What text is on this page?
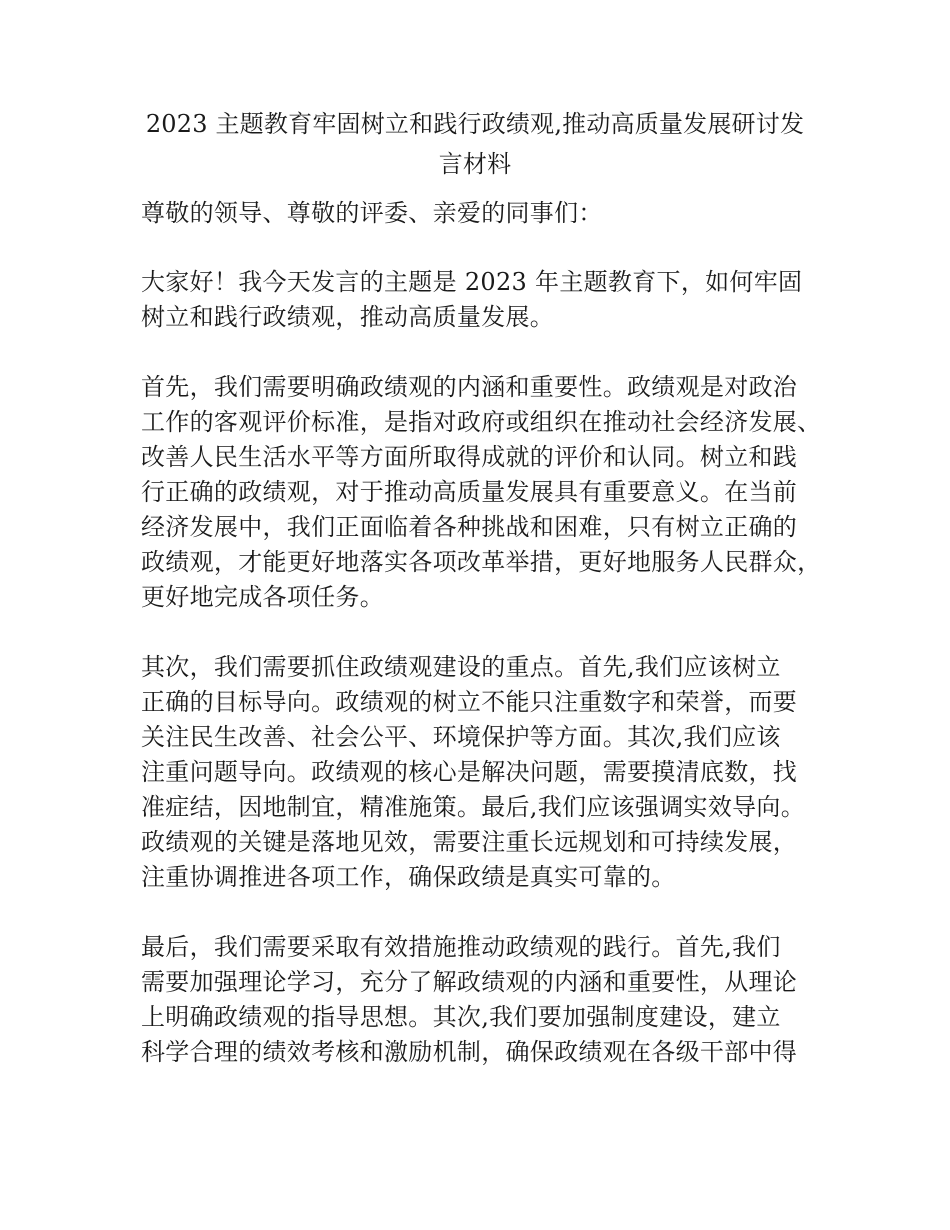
2023 主题教育牢固树立和践行政绩观,推动高质量发展研讨发
言材料
尊敬的领导、尊敬的评委、亲爱的同事们：
大家好！我今天发言的主题是 2023 年主题教育下，如何牢固
树立和践行政绩观，推动高质量发展。
首先，我们需要明确政绩观的内涵和重要性。政绩观是对政治
工作的客观评价标准，是指对政府或组织在推动社会经济发展、
改善人民生活水平等方面所取得成就的评价和认同。树立和践
行正确的政绩观，对于推动高质量发展具有重要意义。在当前
经济发展中，我们正面临着各种挑战和困难，只有树立正确的
政绩观，才能更好地落实各项改革举措，更好地服务人民群众，
更好地完成各项任务。
其次，我们需要抓住政绩观建设的重点。首先,我们应该树立
正确的目标导向。政绩观的树立不能只注重数字和荣誉，而要
关注民生改善、社会公平、环境保护等方面。其次,我们应该
注重问题导向。政绩观的核心是解决问题，需要摸清底数，找
准症结，因地制宜，精准施策。最后,我们应该强调实效导向。
政绩观的关键是落地见效，需要注重长远规划和可持续发展，
注重协调推进各项工作，确保政绩是真实可靠的。
最后，我们需要采取有效措施推动政绩观的践行。首先,我们
需要加强理论学习，充分了解政绩观的内涵和重要性，从理论
上明确政绩观的指导思想。其次,我们要加强制度建设，建立
科学合理的绩效考核和激励机制，确保政绩观在各级干部中得
